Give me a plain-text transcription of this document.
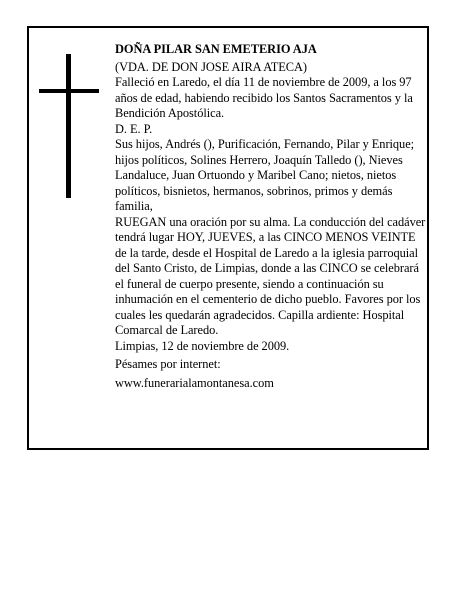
DOÑA PILAR SAN EMETERIO AJA

(VDA. DE DON JOSE AIRA ATECA)

Falleció en Laredo, el día 11 de noviembre de 2009, a los 97 años de edad, habiendo recibido los Santos Sacramentos y la Bendición Apostólica.

D. E. P.

Sus hijos, Andrés (), Purificación, Fernando, Pilar y Enrique; hijos políticos, Solines Herrero, Joaquín Talledo (), Nieves Landaluce, Juan Ortuondo y Maribel Cano; nietos, nietos políticos, bisnietos, hermanos, sobrinos, primos y demás familia,

RUEGAN una oración por su alma. La conducción del cadáver tendrá lugar HOY, JUEVES, a las CINCO MENOS VEINTE de la tarde, desde el Hospital de Laredo a la iglesia parroquial del Santo Cristo, de Limpias, donde a las CINCO se celebrará el funeral de cuerpo presente, siendo a continuación su inhumación en el cementerio de dicho pueblo. Favores por los cuales les quedarán agradecidos. Capilla ardiente: Hospital Comarcal de Laredo.

Limpias, 12 de noviembre de 2009.

Pésames por internet:

www.funerarialamontanesa.com
